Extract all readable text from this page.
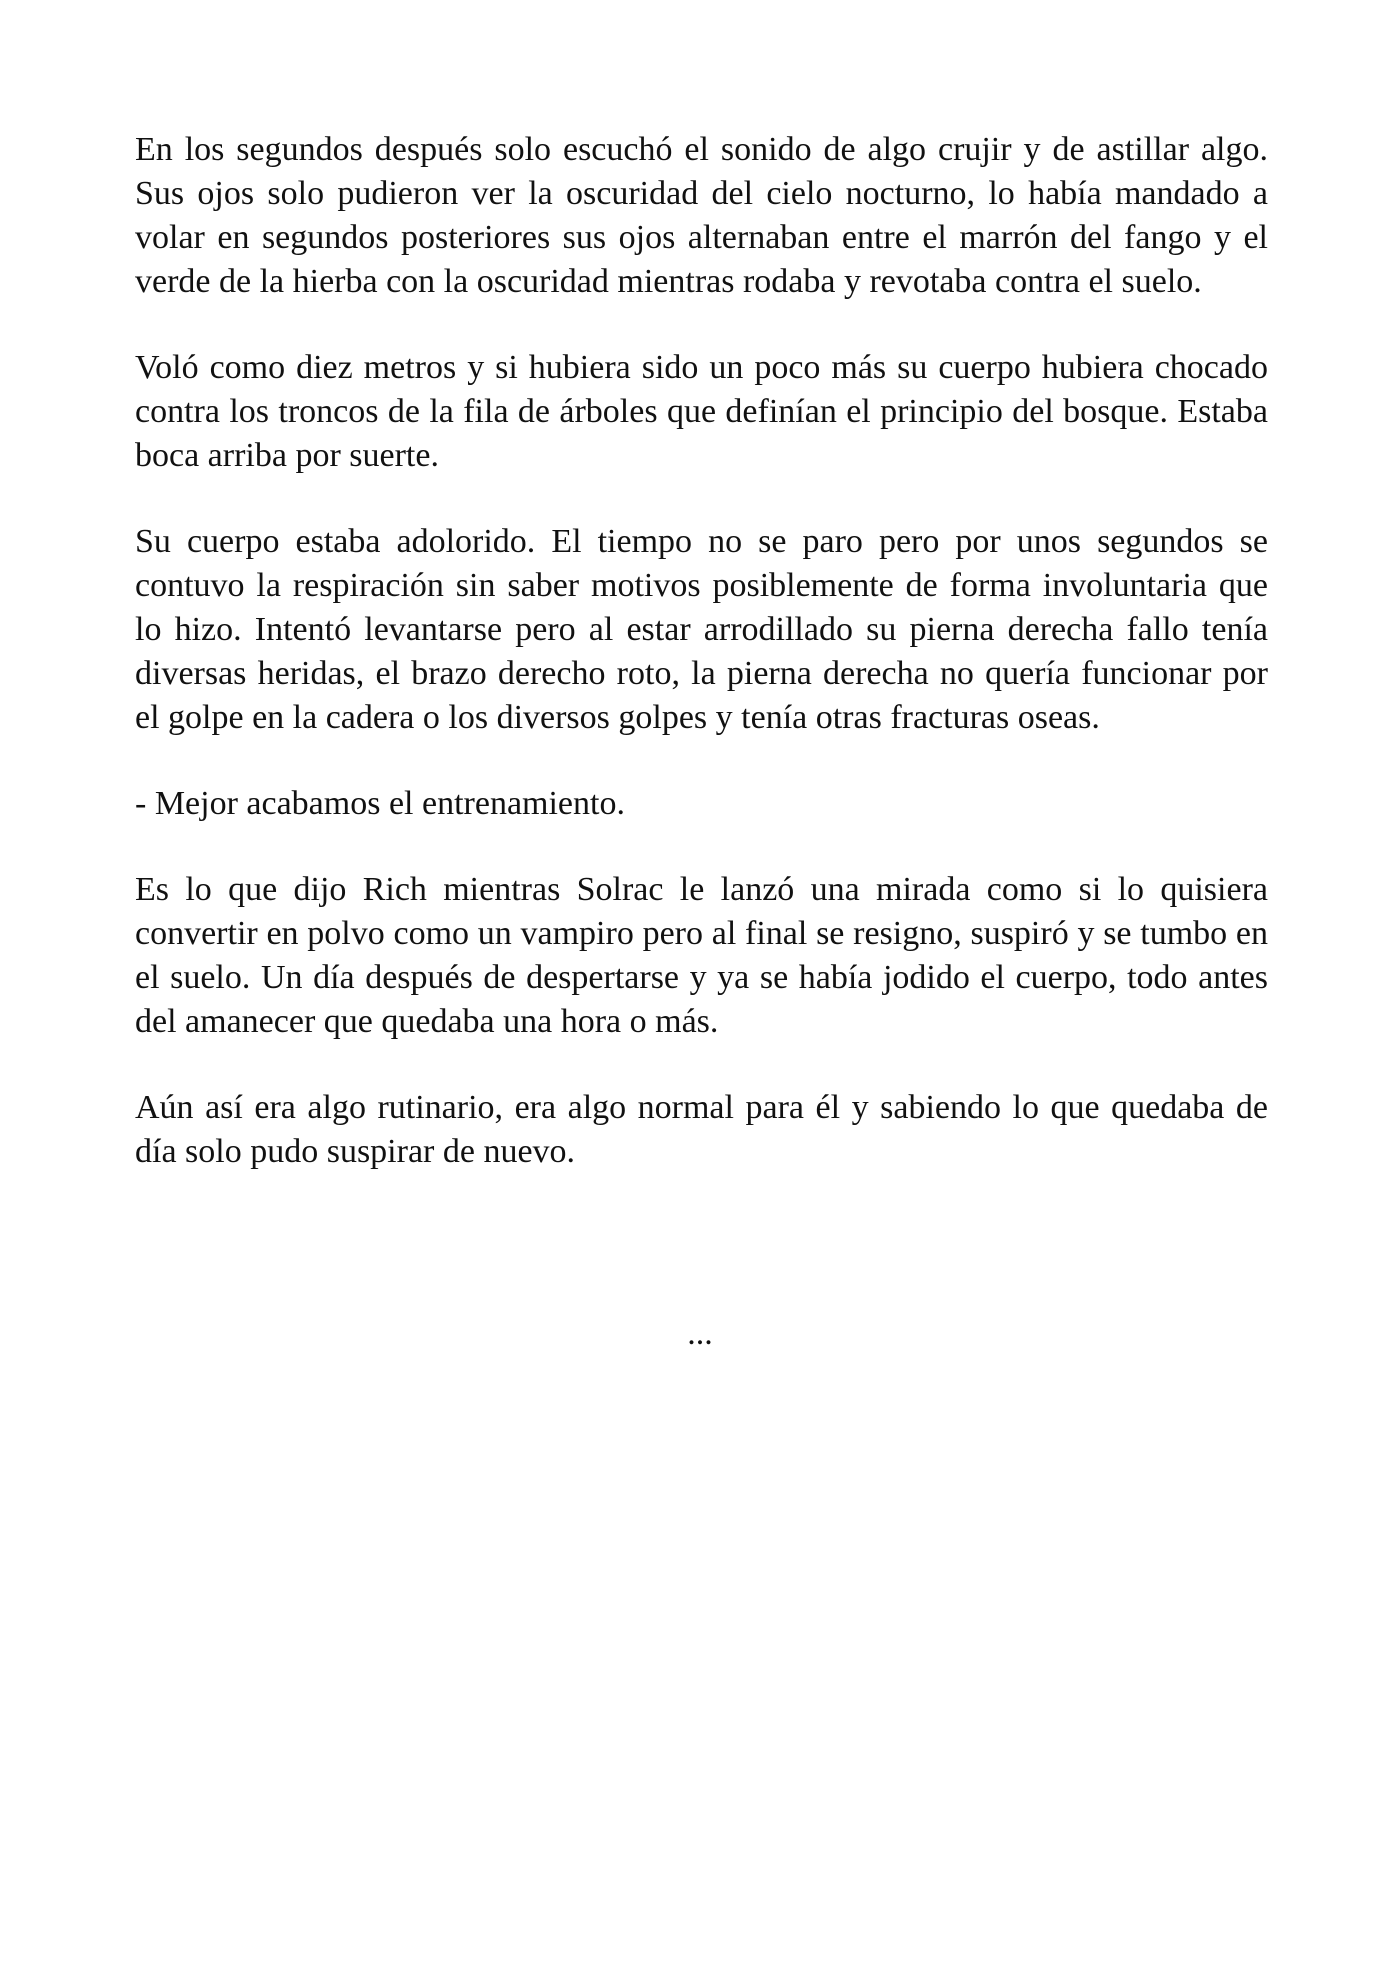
En los segundos después solo escuchó el sonido de algo crujir y de astillar algo. Sus ojos solo pudieron ver la oscuridad del cielo nocturno, lo había mandado a volar en segundos posteriores sus ojos alternaban entre el marrón del fango y el verde de la hierba con la oscuridad mientras rodaba y revotaba contra el suelo.

Voló como diez metros y si hubiera sido un poco más su cuerpo hubiera chocado contra los troncos de la fila de árboles que definían el principio del bosque. Estaba boca arriba por suerte.

Su cuerpo estaba adolorido. El tiempo no se paro pero por unos segundos se contuvo la respiración sin saber motivos posiblemente de forma involuntaria que lo hizo. Intentó levantarse pero al estar arrodillado su pierna derecha fallo tenía diversas heridas, el brazo derecho roto, la pierna derecha no quería funcionar por el golpe en la cadera o los diversos golpes y tenía otras fracturas oseas.

- Mejor acabamos el entrenamiento.

Es lo que dijo Rich mientras Solrac le lanzó una mirada como si lo quisiera convertir en polvo como un vampiro pero al final se resigno, suspiró y se tumbo en el suelo. Un día después de despertarse y ya se había jodido el cuerpo, todo antes del amanecer que quedaba una hora o más.

Aún así era algo rutinario, era algo normal para él y sabiendo lo que quedaba de día solo pudo suspirar de nuevo.

...
